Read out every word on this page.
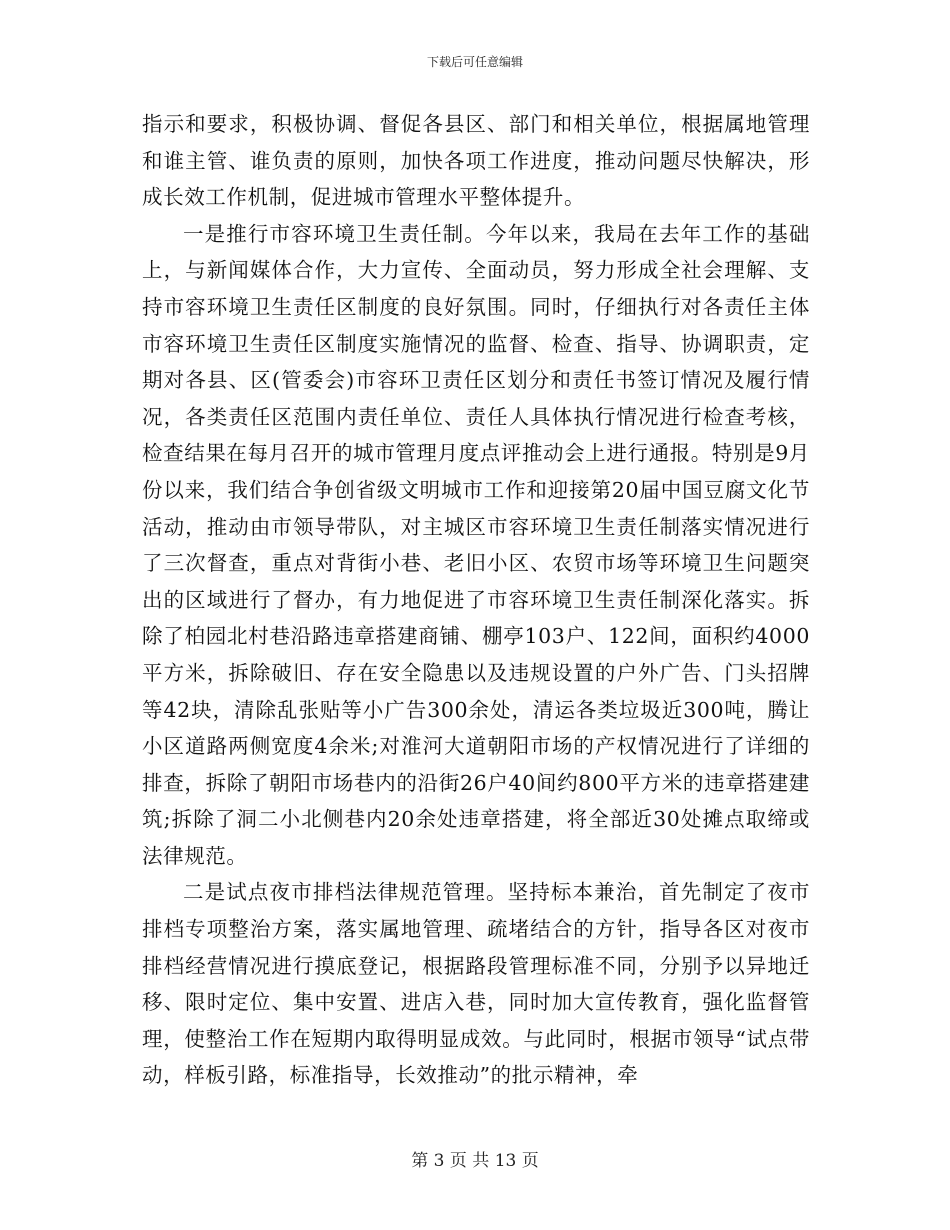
下载后可任意编辑

指示和要求，积极协调、督促各县区、部门和相关单位，根据属地管理和谁主管、谁负责的原则，加快各项工作进度，推动问题尽快解决，形成长效工作机制，促进城市管理水平整体提升。

一是推行市容环境卫生责任制。今年以来，我局在去年工作的基础上，与新闻媒体合作，大力宣传、全面动员，努力形成全社会理解、支持市容环境卫生责任区制度的良好氛围。同时，仔细执行对各责任主体市容环境卫生责任区制度实施情况的监督、检查、指导、协调职责，定期对各县、区(管委会)市容环卫责任区划分和责任书签订情况及履行情况，各类责任区范围内责任单位、责任人具体执行情况进行检查考核，检查结果在每月召开的城市管理月度点评推动会上进行通报。特别是9月份以来，我们结合争创省级文明城市工作和迎接第20届中国豆腐文化节活动，推动由市领导带队，对主城区市容环境卫生责任制落实情况进行了三次督查，重点对背街小巷、老旧小区、农贸市场等环境卫生问题突出的区域进行了督办，有力地促进了市容环境卫生责任制深化落实。拆除了柏园北村巷沿路违章搭建商铺、棚亭103户、122间，面积约4000平方米，拆除破旧、存在安全隐患以及违规设置的户外广告、门头招牌等42块，清除乱张贴等小广告300余处，清运各类垃圾近300吨，腾让小区道路两侧宽度4余米;对淮河大道朝阳市场的产权情况进行了详细的排查，拆除了朝阳市场巷内的沿街26户40间约800平方米的违章搭建建筑;拆除了洞二小北侧巷内20余处违章搭建，将全部近30处摊点取缔或法律规范。

二是试点夜市排档法律规范管理。坚持标本兼治，首先制定了夜市排档专项整治方案，落实属地管理、疏堵结合的方针，指导各区对夜市排档经营情况进行摸底登记，根据路段管理标准不同，分别予以异地迁移、限时定位、集中安置、进店入巷，同时加大宣传教育，强化监督管理，使整治工作在短期内取得明显成效。与此同时，根据市领导“试点带动，样板引路，标准指导，长效推动”的批示精神，牵

第 3 页 共 13 页
